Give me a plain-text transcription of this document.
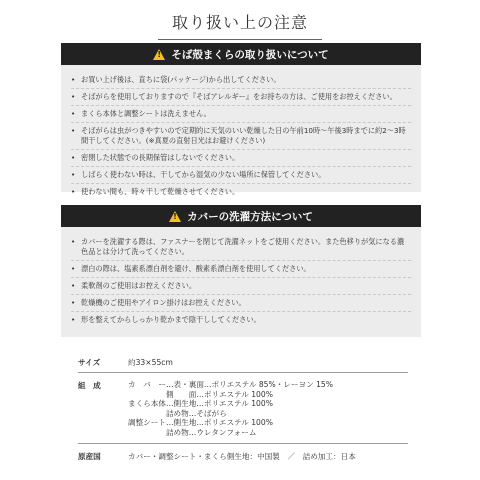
取り扱い上の注意
!
そば殻まくらの取り扱いについて
• お買い上げ後は、直ちに袋(パッケージ)から出してください。
• そばがらを使用しておりますので『そばアレルギー』をお持ちの方は、ご使用をお控えください。
• まくら本体と調整シートは洗えません。
• そばがらは虫がつきやすいので定期的に天気のいい乾燥した日の午前10時〜午後3時までに約2〜3時間干してください。(※真夏の直射日光はお避けください)
• 密閉した状態での長期保管はしないでください。
• しばらく使わない時は、干してから湿気の少ない場所に保管してください。
• 使わない間も、時々干して乾燥させてください。
!
カバーの洗濯方法について
• カバーを洗濯する際は、ファスナーを閉じて洗濯ネットをご使用ください。また色移りが気になる濃色品とは分けて洗ってください。
• 漂白の際は、塩素系漂白剤を避け、酸素系漂白剤を使用してください。
• 柔軟剤のご使用はお控えください。
• 乾燥機のご使用やアイロン掛けはお控えください。
• 形を整えてからしっかり乾かまで陰干ししてください。
サイズ	約33×55cm
組　成	カ　バ　ー…表・裏面…ポリエステル 85%・レーヨン 15%
　　　　　側　　面…ポリエステル 100%
まくら本体…側生地…ポリエステル 100%
　　　　　詰め物…そばがら
調整シート…側生地…ポリエステル 100%
　　　　　詰め物…ウレタンフォーム
原産国	カバー・調整シート・まくら側生地：中国製　／　詰め加工：日本
